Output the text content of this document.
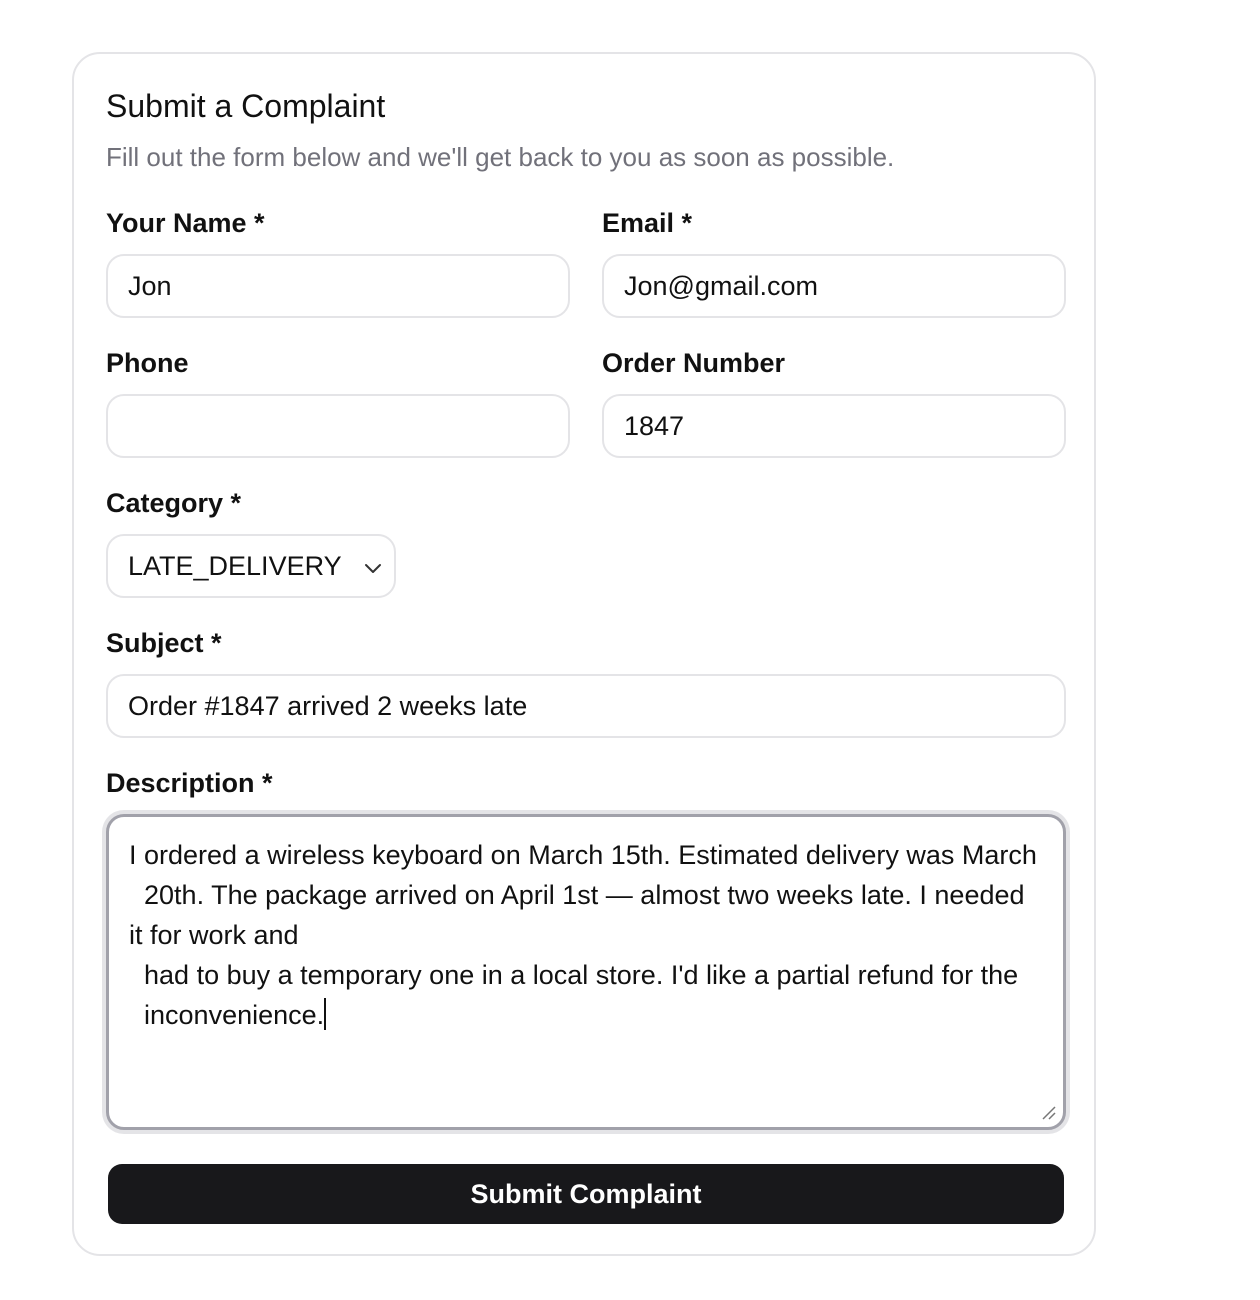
Submit a Complaint

Fill out the form below and we'll get back to you as soon as possible.

Your Name *
Jon	Email *
Jon@gmail.com
Phone	Order Number
1847
Category *
LATE_DELIVERY
Subject *
Order #1847 arrived 2 weeks late
Description *
I ordered a wireless keyboard on March 15th. Estimated delivery was March
20th. The package arrived on April 1st — almost two weeks late. I needed it for work and
had to buy a temporary one in a local store. I'd like a partial refund for the
inconvenience.
Submit Complaint
